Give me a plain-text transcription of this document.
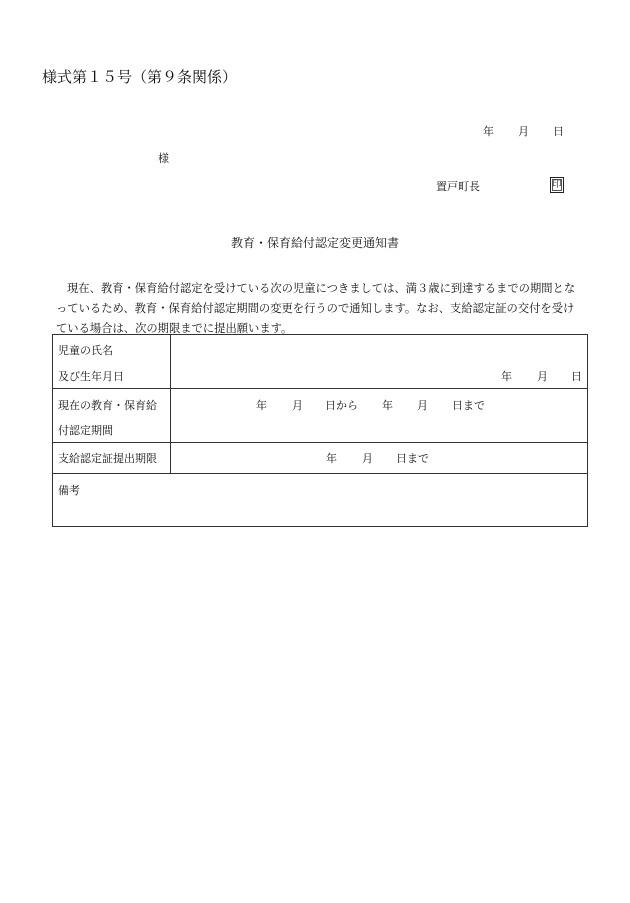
様式第１５号（第９条関係）
年 月 日
様
置戸町長	印
教育・保育給付認定変更通知書
現在、教育・保育給付認定を受けている次の児童につきましては、満３歳に到達するまでの期間とな
っているため、教育・保育給付認定期間の変更を行うので通知します。なお、支給認定証の交付を受け
ている場合は、次の期限までに提出願います。
児童の氏名
及び生年月日	年 月 日
現在の教育・保育給
付認定期間
年 月 日から 年 月 日まで
支給認定証提出期限	年 月 日まで
備考
